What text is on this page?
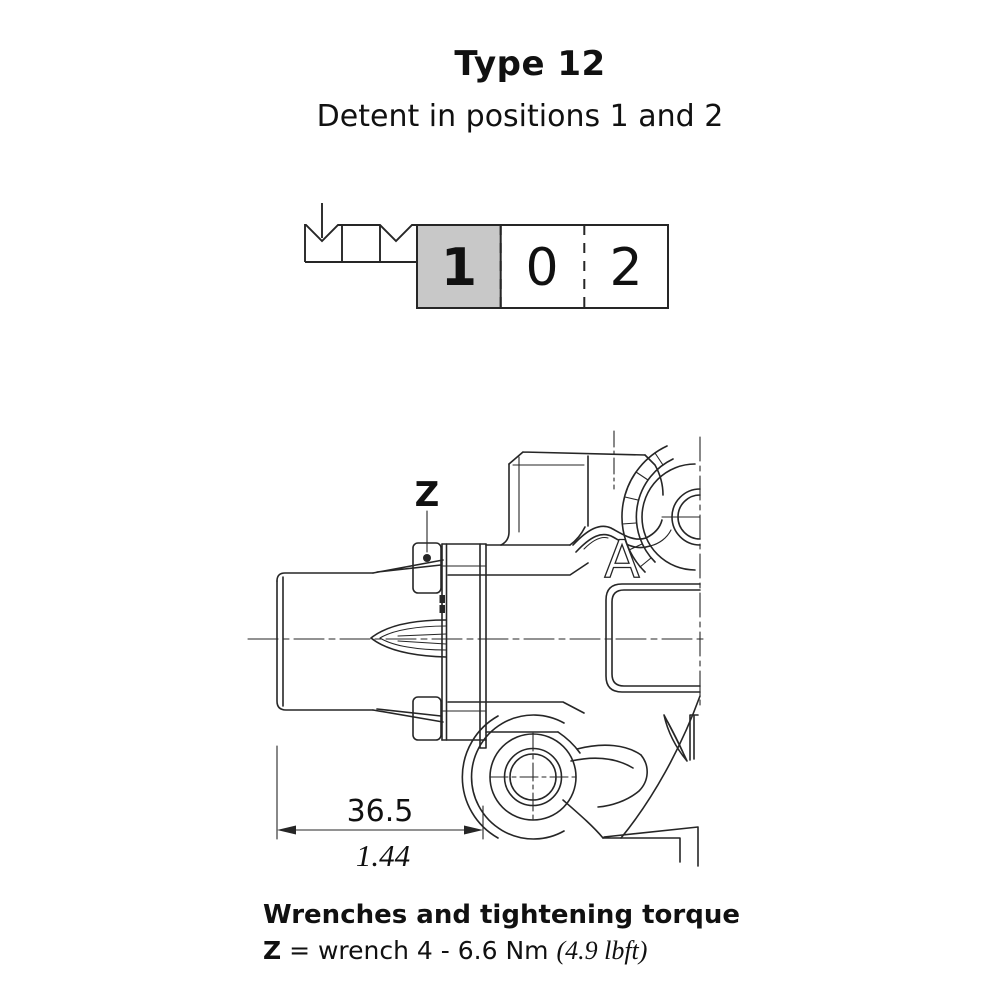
Type 12
Detent in positions 1 and 2
1 0 2
Z
A
36.5
1.44
Wrenches and tightening torque
Z = wrench 4 - 6.6 Nm (4.9 lbft)
